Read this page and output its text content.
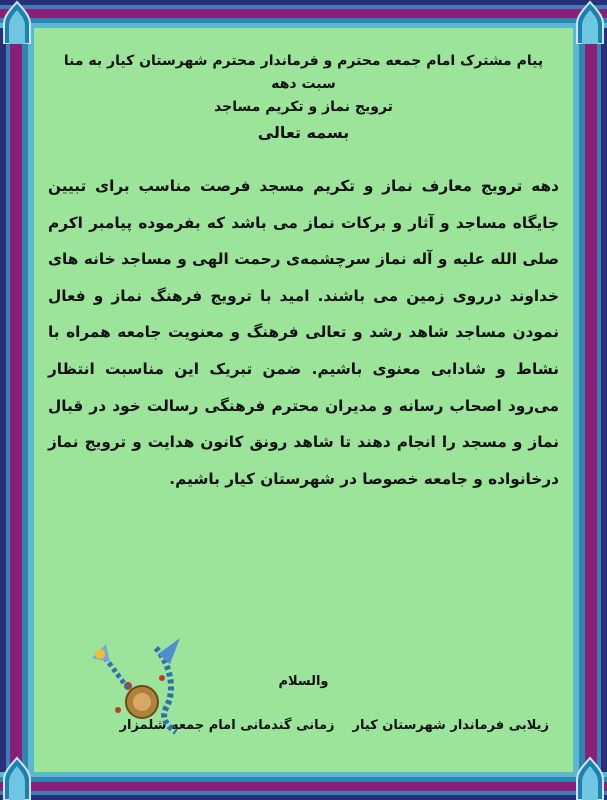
پیام مشترک امام جمعه محترم و فرماندار محترم شهرستان کیار به منا سبت دهه
ترویج نماز و تکریم مساجد
بسمه تعالی
دهه ترویج معارف نماز و تکریم مسجد فرصت مناسب برای تبیین جایگاه مساجد و آثار و برکات نماز می باشد که بفرموده پیامبر اکرم صلی الله علیه و آله نماز سرچشمه‌ی رحمت الهی و مساجد خانه های خداوند درروی زمین می باشند. امید با ترویج فرهنگ نماز و فعال نمودن مساجد شاهد رشد و تعالی فرهنگ و معنویت جامعه همراه با نشاط و شادابی معنوی باشیم. ضمن تبریک این مناسبت انتظار می‌رود اصحاب رسانه و مدیران محترم فرهنگی رسالت خود در قبال نماز و مسجد را انجام دهند تا شاهد رونق کانون هدایت و ترویج نماز درخانواده و جامعه خصوصا در شهرستان کیار باشیم.
والسلام
زیلابی فرماندار شهرستان کیارزمانی گندمانی امام جمعه شلمزار
